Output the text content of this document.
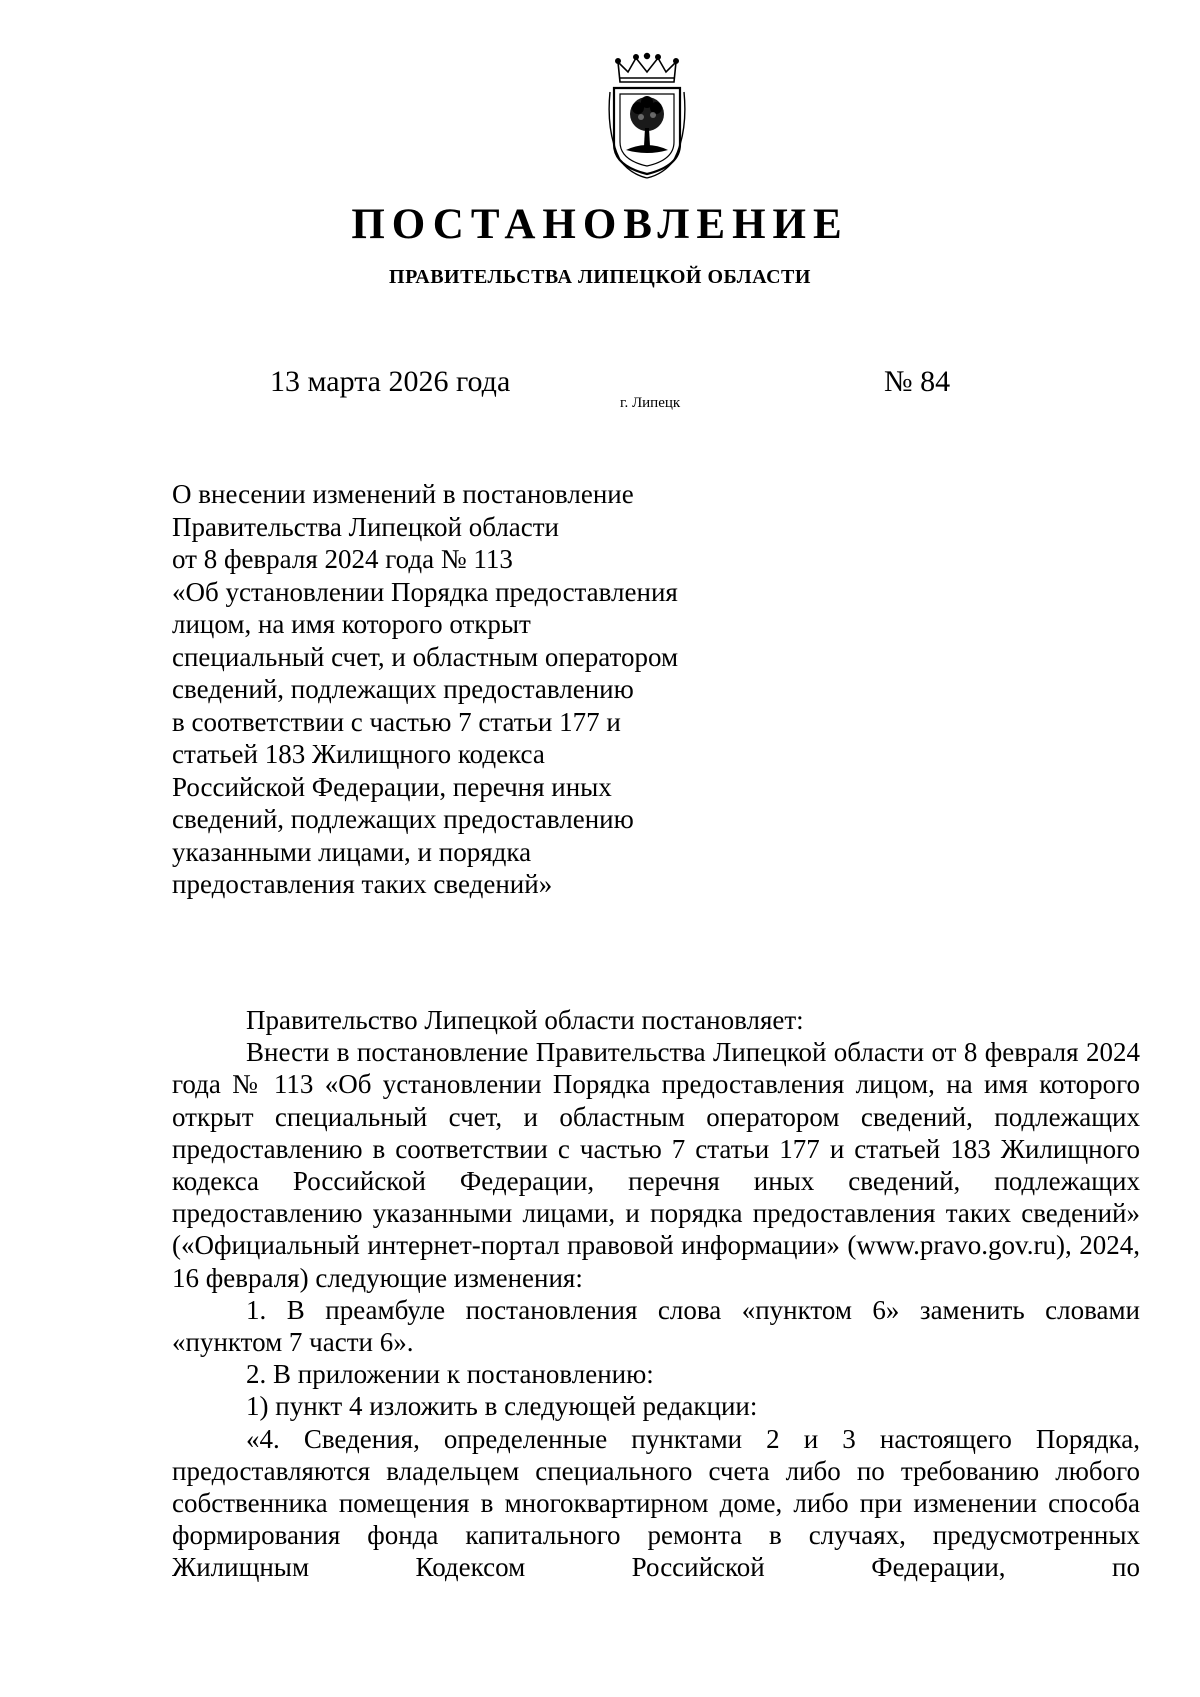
ПОСТАНОВЛЕНИЕ
ПРАВИТЕЛЬСТВА ЛИПЕЦКОЙ ОБЛАСТИ
13 марта 2026 года
г. Липецк
№ 84
О внесении изменений в постановление
Правительства Липецкой области
от 8 февраля 2024 года № 113
«Об установлении Порядка предоставления
лицом, на имя которого открыт
специальный счет, и областным оператором
сведений, подлежащих предоставлению
в соответствии с частью 7 статьи 177 и
статьей 183 Жилищного кодекса
Российской Федерации, перечня иных
сведений, подлежащих предоставлению
указанными лицами, и порядка
предоставления таких сведений»

Правительство Липецкой области постановляет:

Внести в постановление Правительства Липецкой области от 8 февраля 2024 года № 113 «Об установлении Порядка предоставления лицом, на имя которого открыт специальный счет, и областным оператором сведений, подлежащих предоставлению в соответствии с частью 7 статьи 177 и статьей 183 Жилищного кодекса Российской Федерации, перечня иных сведений, подлежащих предоставлению указанными лицами, и порядка предоставления таких сведений» («Официальный интернет-портал правовой информации» (www.pravo.gov.ru), 2024, 16 февраля) следующие изменения:

1. В преамбуле постановления слова «пунктом 6» заменить словами «пунктом 7 части 6».

2. В приложении к постановлению:

1) пункт 4 изложить в следующей редакции:

«4. Сведения, определенные пунктами 2 и 3 настоящего Порядка, предоставляются владельцем специального счета либо по требованию любого собственника помещения в многоквартирном доме, либо при изменении способа формирования фонда капитального ремонта в случаях, предусмотренных Жилищным Кодексом Российской Федерации, по
